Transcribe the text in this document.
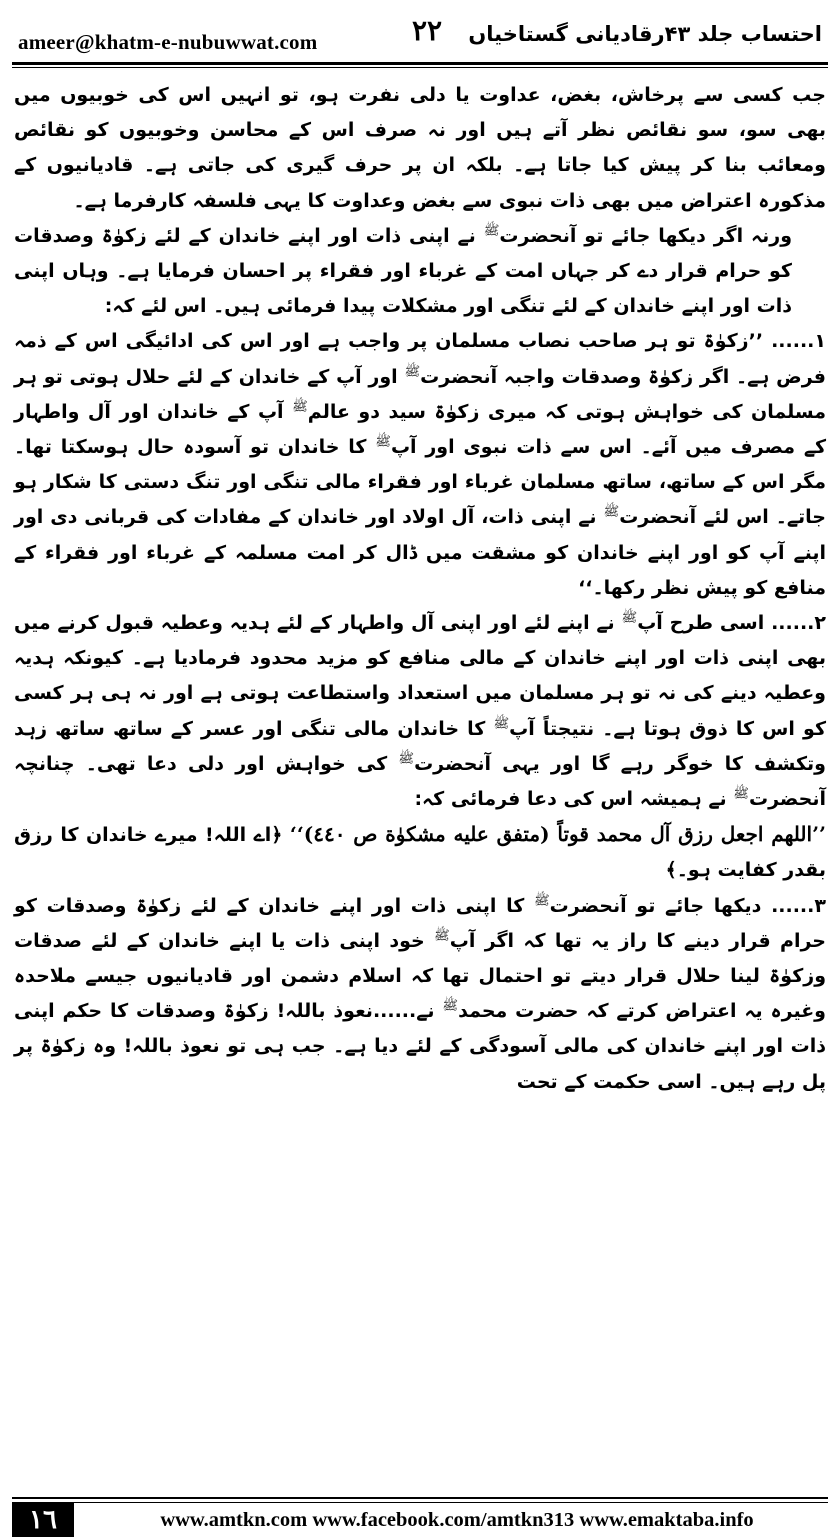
ameer@khatm-e-nubuwwat.com	۲۲ احتساب جلد ۴۳رقادیانی گستاخیاں

جب کسی سے پرخاش، بغض، عداوت یا دلی نفرت ہو، تو انہیں اس کی خوبیوں میں بھی سو، سو نقائص نظر آتے ہیں اور نہ صرف اس کے محاسن وخوبیوں کو نقائص ومعائب بنا کر پیش کیا جاتا ہے۔ بلکہ ان پر حرف گیری کی جاتی ہے۔ قادیانیوں کے مذکورہ اعتراض میں بھی ذات نبوی سے بغض وعداوت کا یہی فلسفہ کارفرما ہے۔

ورنہ اگر دیکھا جائے تو آنحضرت$^ﷺ$ نے اپنی ذات اور اپنے خاندان کے لئے زکوٰۃ وصدقات کو حرام قرار دے کر جہاں امت کے غرباء اور فقراء پر احسان فرمایا ہے۔ وہاں اپنی ذات اور اپنے خاندان کے لئے تنگی اور مشکلات پیدا فرمائی ہیں۔ اس لئے کہ:

۱...... ’’زکوٰۃ تو ہر صاحب نصاب مسلمان پر واجب ہے اور اس کی ادائیگی اس کے ذمہ فرض ہے۔ اگر زکوٰۃ وصدقات واجبہ آنحضرت$^ﷺ$ اور آپ کے خاندان کے لئے حلال ہوتی تو ہر مسلمان کی خواہش ہوتی کہ میری زکوٰۃ سید دو عالم$^ﷺ$ آپ کے خاندان اور آل واطہار کے مصرف میں آئے۔ اس سے ذات نبوی اور آپ$^ﷺ$ کا خاندان تو آسودہ حال ہوسکتا تھا۔ مگر اس کے ساتھ، ساتھ مسلمان غرباء اور فقراء مالی تنگی اور تنگ دستی کا شکار ہو جاتے۔ اس لئے آنحضرت$^ﷺ$ نے اپنی ذات، آل اولاد اور خاندان کے مفادات کی قربانی دی اور اپنے آپ کو اور اپنے خاندان کو مشقت میں ڈال کر امت مسلمہ کے غرباء اور فقراء کے منافع کو پیش نظر رکھا۔‘‘

۲...... اسی طرح آپ$^ﷺ$ نے اپنے لئے اور اپنی آل واطہار کے لئے ہدیہ وعطیہ قبول کرنے میں بھی اپنی ذات اور اپنے خاندان کے مالی منافع کو مزید محدود فرمادیا ہے۔ کیونکہ ہدیہ وعطیہ دینے کی نہ تو ہر مسلمان میں استعداد واستطاعت ہوتی ہے اور نہ ہی ہر کسی کو اس کا ذوق ہوتا ہے۔ نتیجتاً آپ$^ﷺ$ کا خاندان مالی تنگی اور عسر کے ساتھ ساتھ زہد وتکشف کا خوگر رہے گا اور یہی آنحضرت$^ﷺ$ کی خواہش اور دلی دعا تھی۔ چنانچہ آنحضرت$^ﷺ$ نے ہمیشہ اس کی دعا فرمائی کہ:

’’اللهم اجعل رزق آل محمد قوتاً (متفق علیه مشکوٰة ص ٤٤٠)‘‘ ﴿اے اللہ! میرے خاندان کا رزق بقدر کفایت ہو۔﴾

۳...... دیکھا جائے تو آنحضرت$^ﷺ$ کا اپنی ذات اور اپنے خاندان کے لئے زکوٰۃ وصدقات کو حرام قرار دینے کا راز یہ تھا کہ اگر آپ$^ﷺ$ خود اپنی ذات یا اپنے خاندان کے لئے صدقات وزکوٰۃ لینا حلال قرار دیتے تو احتمال تھا کہ اسلام دشمن اور قادیانیوں جیسے ملاحدہ وغیرہ یہ اعتراض کرتے کہ حضرت محمد$^ﷺ$ نے......نعوذ باللہ! زکوٰۃ وصدقات کا حکم اپنی ذات اور اپنے خاندان کی مالی آسودگی کے لئے دیا ہے۔ جب ہی تو نعوذ باللہ! وہ زکوٰۃ پر پل رہے ہیں۔ اسی حکمت کے تحت

۱٦	www.amtkn.com www.facebook.com/amtkn313 www.emaktaba.info
